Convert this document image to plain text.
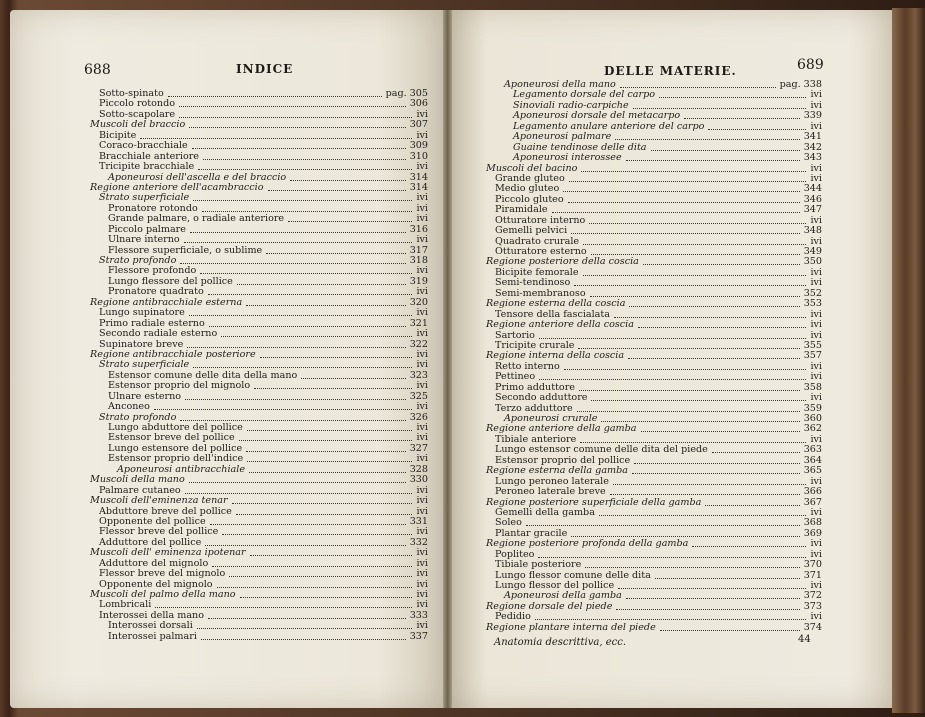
688	INDICE
Sotto-spinato	pag. 305
Piccolo rotondo	306
Sotto-scapolare	ivi
Muscoli del braccio	307
Bicipite	ivi
Coraco-bracchiale	309
Bracchiale anteriore	310
Tricipite bracchiale	ivi
Aponeurosi dell'ascella e del braccio	314
Regione anteriore dell'acambraccio	314
Strato superficiale	ivi
Pronatore rotondo	ivi
Grande palmare, o radiale anteriore	ivi
Piccolo palmare	316
Ulnare interno	ivi
Flessore superficiale, o sublime	317
Strato profondo	318
Flessore profondo	ivi
Lungo flessore del pollice	319
Pronatore quadrato	ivi
Regione antibracchiale esterna	320
Lungo supinatore	ivi
Primo radiale esterno	321
Secondo radiale esterno	ivi
Supinatore breve	322
Regione antibracchiale posteriore	ivi
Strato superficiale	ivi
Estensor comune delle dita della mano	323
Estensor proprio del mignolo	ivi
Ulnare esterno	325
Anconeo	ivi
Strato profondo	326
Lungo abduttore del pollice	ivi
Estensor breve del pollice	ivi
Lungo estensore del pollice	327
Estensor proprio dell'indice	ivi
Aponeurosi antibracchiale	328
Muscoli della mano	330
Palmare cutaneo	ivi
Muscoli dell'eminenza tenar	ivi
Abduttore breve del pollice	ivi
Opponente del pollice	331
Flessor breve del pollice	ivi
Adduttore del pollice	332
Muscoli dell' eminenza ipotenar	ivi
Adduttore del mignolo	ivi
Flessor breve del mignolo	ivi
Opponente del mignolo	ivi
Muscoli del palmo della mano	ivi
Lombricali	ivi
Interossei della mano	333
Interossei dorsali	ivi
Interossei palmari	337
DELLE MATERIE.	689
Aponeurosi della mano	pag. 338
Legamento dorsale del carpo	ivi
Sinoviali radio-carpiche	ivi
Aponeurosi dorsale del metacarpo	339
Legamento anulare anteriore del carpo	ivi
Aponeurosi palmare	341
Guaine tendinose delle dita	342
Aponeurosi interossee	343
Muscoli del bacino	ivi
Grande gluteo	ivi
Medio gluteo	344
Piccolo gluteo	346
Piramidale	347
Otturatore interno	ivi
Gemelli pelvici	348
Quadrato crurale	ivi
Otturatore esterno	349
Regione posteriore della coscia	350
Bicipite femorale	ivi
Semi-tendinoso	ivi
Semi-membranoso	352
Regione esterna della coscia	353
Tensore della fascialata	ivi
Regione anteriore della coscia	ivi
Sartorio	ivi
Tricipite crurale	355
Regione interna della coscia	357
Retto interno	ivi
Pettineo	ivi
Primo adduttore	358
Secondo adduttore	ivi
Terzo adduttore	359
Aponeurosi crurale	360
Regione anteriore della gamba	362
Tibiale anteriore	ivi
Lungo estensor comune delle dita del piede	363
Estensor proprio del pollice	364
Regione esterna della gamba	365
Lungo peroneo laterale	ivi
Peroneo laterale breve	366
Regione posteriore superficiale della gamba	367
Gemelli della gamba	ivi
Soleo	368
Plantar gracile	369
Regione posteriore profonda della gamba	ivi
Popliteo	ivi
Tibiale posteriore	370
Lungo flessor comune delle dita	371
Lungo flessor del pollice	ivi
Aponeurosi della gamba	372
Regione dorsale del piede	373
Pedidio	ivi
Regione plantare interna del piede	374
Anatomia descrittiva, ecc.	44
